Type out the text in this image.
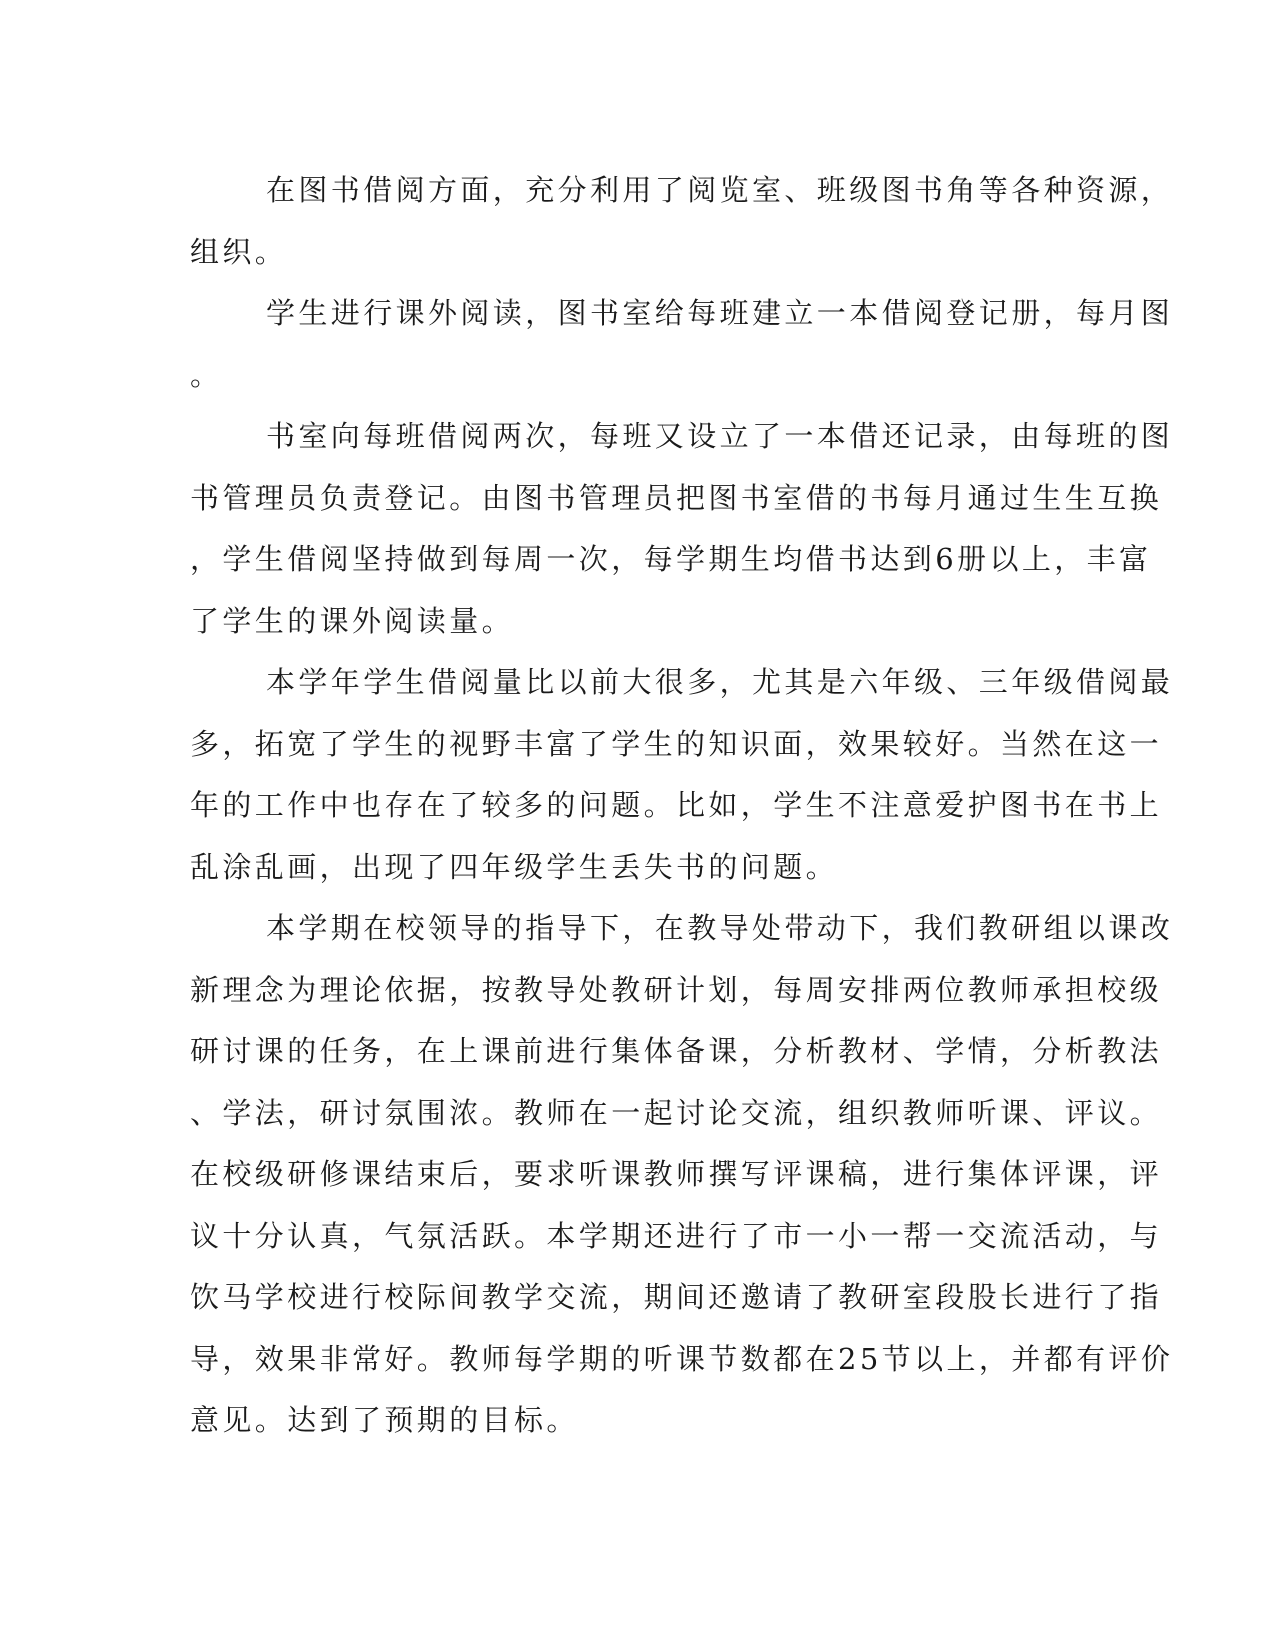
在图书借阅方面，充分利用了阅览室、班级图书角等各种资源，
组织。

学生进行课外阅读，图书室给每班建立一本借阅登记册，每月图
。

书室向每班借阅两次，每班又设立了一本借还记录，由每班的图
书管理员负责登记。由图书管理员把图书室借的书每月通过生生互换
，学生借阅坚持做到每周一次，每学期生均借书达到6册以上，丰富
了学生的课外阅读量。

本学年学生借阅量比以前大很多，尤其是六年级、三年级借阅最
多，拓宽了学生的视野丰富了学生的知识面，效果较好。当然在这一
年的工作中也存在了较多的问题。比如，学生不注意爱护图书在书上
乱涂乱画，出现了四年级学生丢失书的问题。

本学期在校领导的指导下，在教导处带动下，我们教研组以课改
新理念为理论依据，按教导处教研计划，每周安排两位教师承担校级
研讨课的任务，在上课前进行集体备课，分析教材、学情，分析教法
、学法，研讨氛围浓。教师在一起讨论交流，组织教师听课、评议。
在校级研修课结束后，要求听课教师撰写评课稿，进行集体评课，评
议十分认真，气氛活跃。本学期还进行了市一小一帮一交流活动，与
饮马学校进行校际间教学交流，期间还邀请了教研室段股长进行了指
导，效果非常好。教师每学期的听课节数都在25节以上，并都有评价
意见。达到了预期的目标。
